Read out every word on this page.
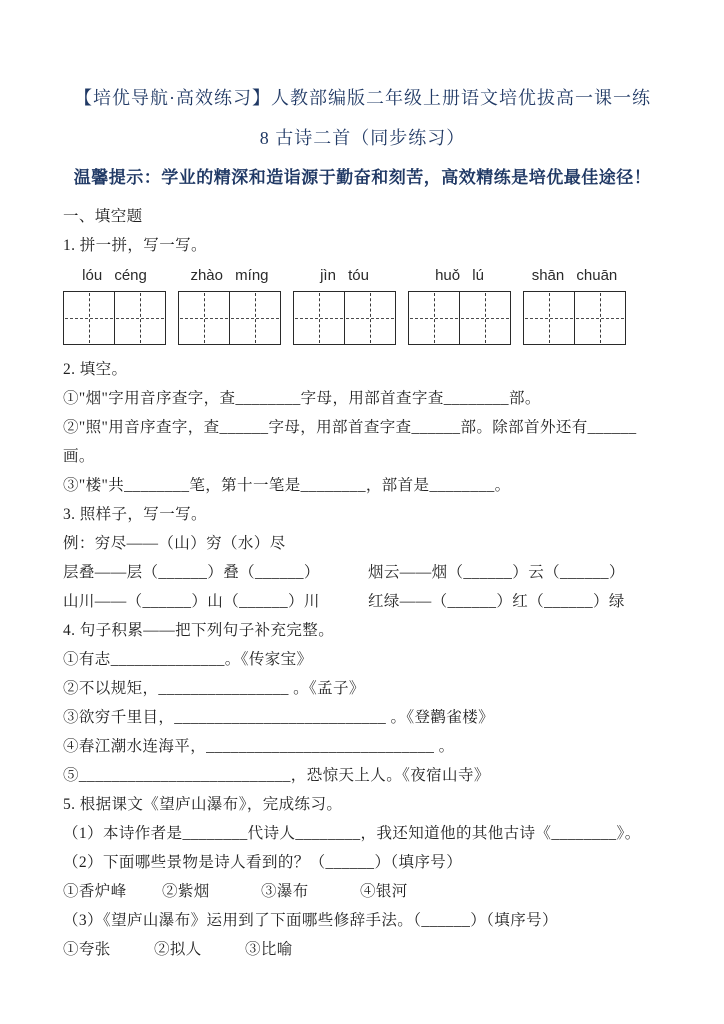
【培优导航·高效练习】人教部编版二年级上册语文培优拔高一课一练
8 古诗二首（同步练习）
温馨提示：学业的精深和造诣源于勤奋和刻苦，高效精练是培优最佳途径！

一、填空题

1. 拼一拼，写一写。

lóu céng	zhào míng	jìn tóu	huǒ lú	shān chuān

2. 填空。

①"烟"字用音序查字，查________字母，用部首查字查________部。

②"照"用音序查字，查______字母，用部首查字查______部。除部首外还有______画。

③"楼"共________笔，第十一笔是________，部首是________。

3. 照样子，写一写。

例：穷尽——（山）穷（水）尽

层叠——层（______）叠（______）	烟云——烟（______）云（______）
山川——（______）山（______）川	红绿——（______）红（______）绿

4. 句子积累——把下列句子补充完整。

①有志______________。《传家宝》

②不以规矩，________________ 。《孟子》

③欲穷千里目，__________________________ 。《登鹳雀楼》

④春江潮水连海平，____________________________ 。

⑤__________________________，恐惊天上人。《夜宿山寺》

5. 根据课文《望庐山瀑布》，完成练习。

（1）本诗作者是________代诗人________，我还知道他的其他古诗《________》。

（2）下面哪些景物是诗人看到的？（______）（填序号）

①香炉峰	②紫烟	③瀑布	④银河

（3）《望庐山瀑布》运用到了下面哪些修辞手法。（______）（填序号）

①夸张	②拟人	③比喻
